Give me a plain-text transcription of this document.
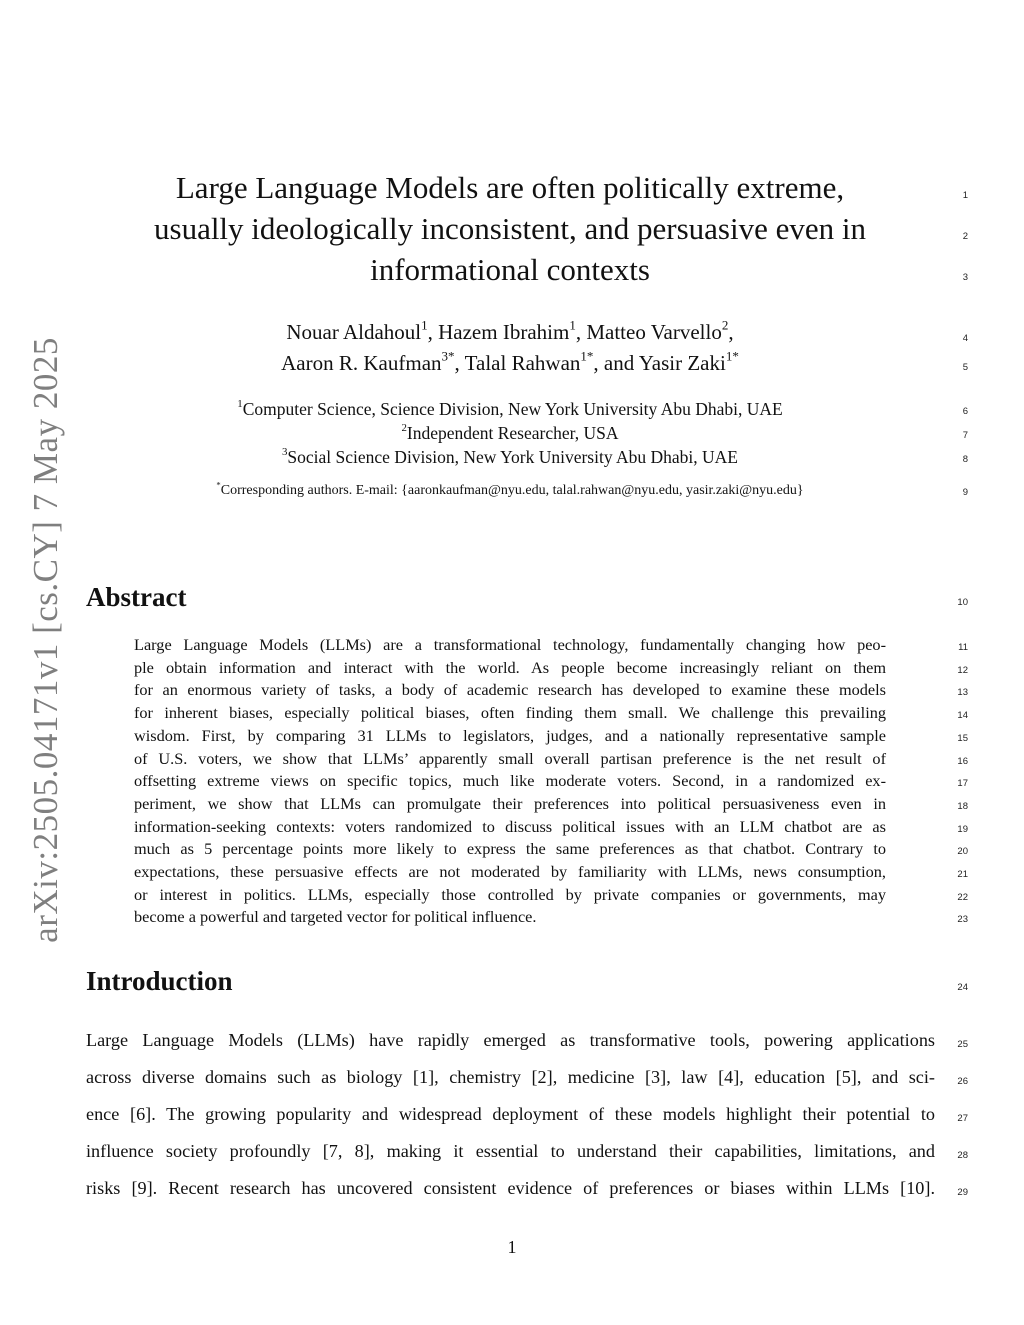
arXiv:2505.04171v1 [cs.CY] 7 May 2025
Large Language Models are often politically extreme,
usually ideologically inconsistent, and persuasive even in
informational contexts
1
2
3
Nouar Aldahoul$^1$, Hazem Ibrahim$^1$, Matteo Varvello$^2$,
Aaron R. Kaufman$^{3*}$, Talal Rahwan$^{1*}$, and Yasir Zaki$^{1*}$
4
5
$^1$Computer Science, Science Division, New York University Abu Dhabi, UAE
$^2$Independent Researcher, USA
$^3$Social Science Division, New York University Abu Dhabi, UAE
6
7
8
*Corresponding authors. E-mail: {aaronkaufman@nyu.edu, talal.rahwan@nyu.edu, yasir.zaki@nyu.edu}	9
Abstract	10
Large Language Models (LLMs) are a transformational technology, fundamentally changing how peo-
ple obtain information and interact with the world. As people become increasingly reliant on them
for an enormous variety of tasks, a body of academic research has developed to examine these models
for inherent biases, especially political biases, often finding them small. We challenge this prevailing
wisdom. First, by comparing 31 LLMs to legislators, judges, and a nationally representative sample
of U.S. voters, we show that LLMs’ apparently small overall partisan preference is the net result of
offsetting extreme views on specific topics, much like moderate voters. Second, in a randomized ex-
periment, we show that LLMs can promulgate their preferences into political persuasiveness even in
information-seeking contexts: voters randomized to discuss political issues with an LLM chatbot are as
much as 5 percentage points more likely to express the same preferences as that chatbot. Contrary to
expectations, these persuasive effects are not moderated by familiarity with LLMs, news consumption,
or interest in politics. LLMs, especially those controlled by private companies or governments, may
become a powerful and targeted vector for political influence.
11
12
13
14
15
16
17
18
19
20
21
22
23
Introduction	24
Large Language Models (LLMs) have rapidly emerged as transformative tools, powering applications
across diverse domains such as biology [1], chemistry [2], medicine [3], law [4], education [5], and sci-
ence [6]. The growing popularity and widespread deployment of these models highlight their potential to
influence society profoundly [7, 8], making it essential to understand their capabilities, limitations, and
risks [9]. Recent research has uncovered consistent evidence of preferences or biases within LLMs [10].
25
26
27
28
29
1
